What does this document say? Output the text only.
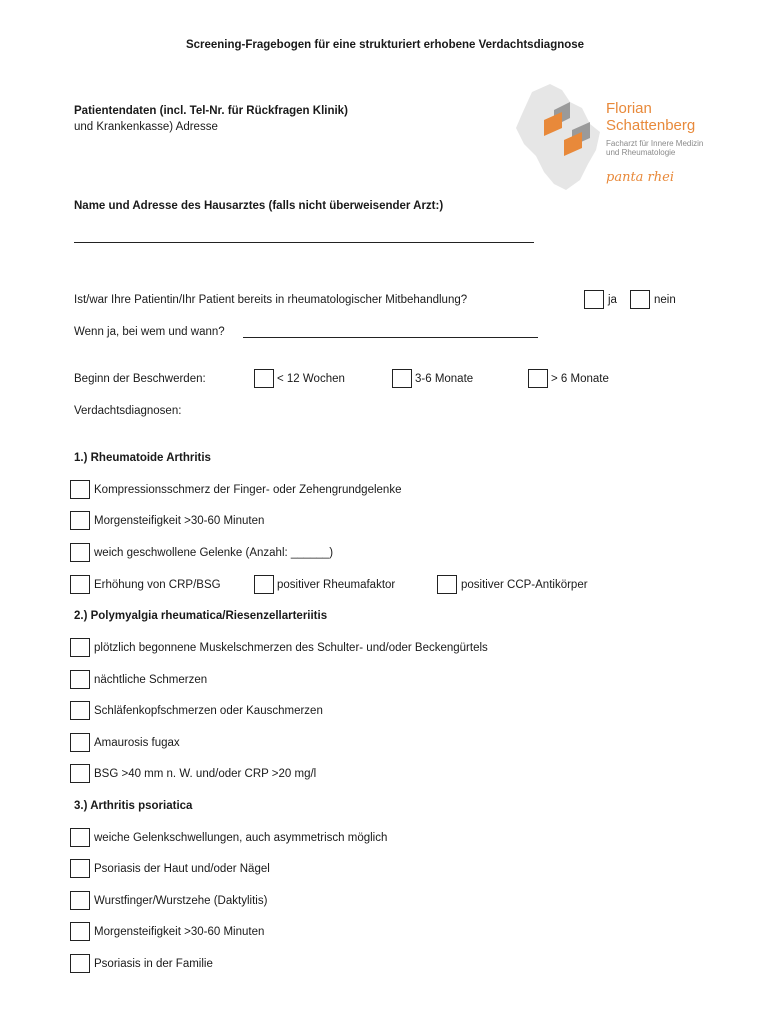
Screening-Fragebogen für eine strukturiert erhobene Verdachtsdiagnose
Patientendaten (incl. Tel-Nr. für Rückfragen Klinik)
und Krankenkasse) Adresse
Florian
Schattenberg
Facharzt für Innere Medizin
und Rheumatologie
panta rhei
Name und Adresse des Hausarztes (falls nicht überweisender Arzt:)
Ist/war Ihre Patientin/Ihr Patient bereits in rheumatologischer Mitbehandlung?	ja	nein
Wenn ja, bei wem und wann?
Beginn der Beschwerden:	< 12 Wochen	3-6 Monate	> 6 Monate
Verdachtsdiagnosen:
1.) Rheumatoide Arthritis
Kompressionsschmerz der Finger- oder Zehengrundgelenke
Morgensteifigkeit >30-60 Minuten
weich geschwollene Gelenke (Anzahl: ______)
Erhöhung von CRP/BSG	positiver Rheumafaktor	positiver CCP-Antikörper
2.) Polymyalgia rheumatica/Riesenzellarteriitis
plötzlich begonnene Muskelschmerzen des Schulter- und/oder Beckengürtels
nächtliche Schmerzen
Schläfenkopfschmerzen oder Kauschmerzen
Amaurosis fugax
BSG >40 mm n. W. und/oder CRP >20 mg/l
3.) Arthritis psoriatica
weiche Gelenkschwellungen, auch asymmetrisch möglich
Psoriasis der Haut und/oder Nägel
Wurstfinger/Wurstzehe (Daktylitis)
Morgensteifigkeit >30-60 Minuten
Psoriasis in der Familie
